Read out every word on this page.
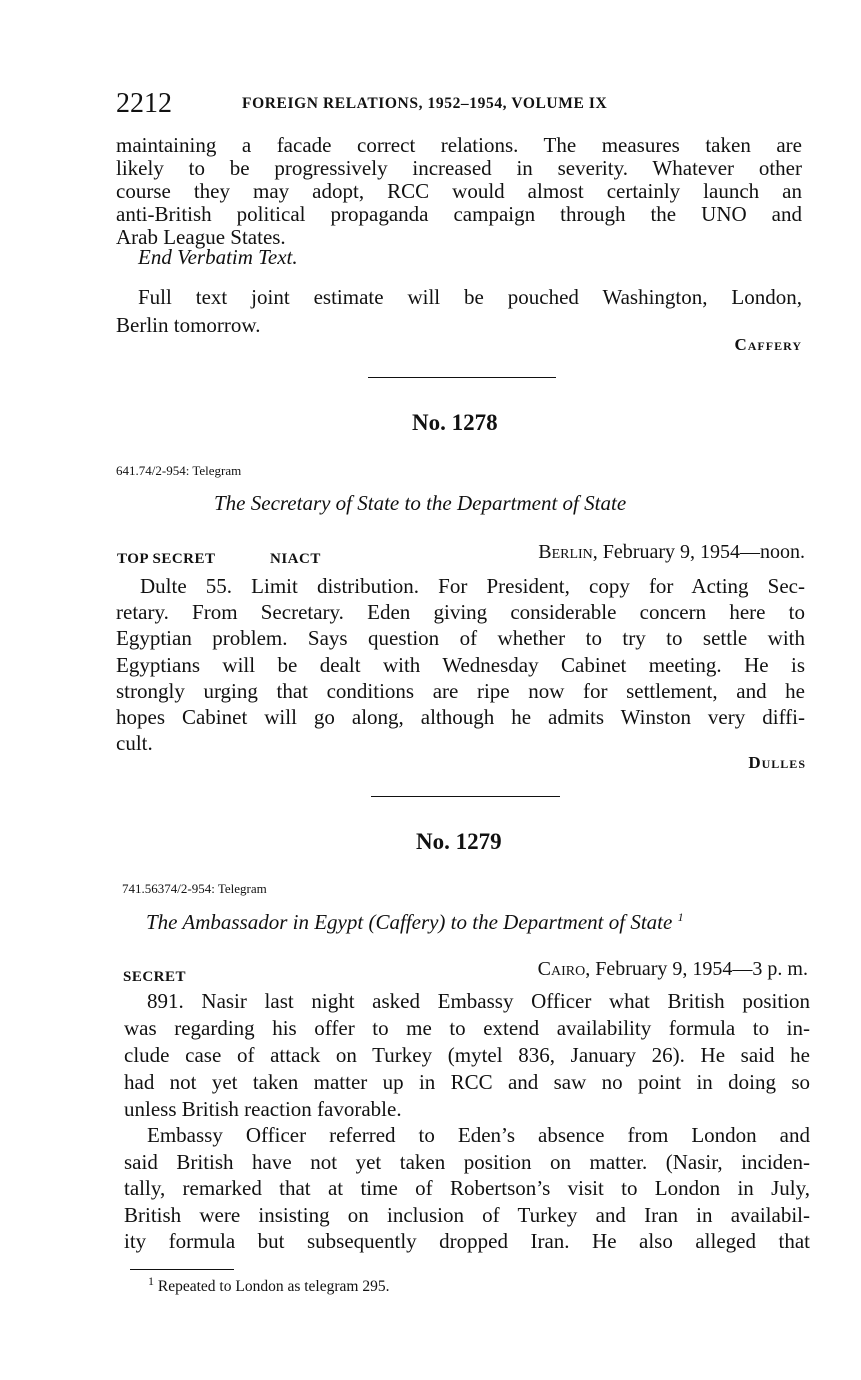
2212	FOREIGN RELATIONS, 1952–1954, VOLUME IX
maintaining a facade correct relations. The measures taken are
likely to be progressively increased in severity. Whatever other
course they may adopt, RCC would almost certainly launch an
anti-British political propaganda campaign through the UNO and
Arab League States.
End Verbatim Text.
Full text joint estimate will be pouched Washington, London,
Berlin tomorrow.
Caffery
No. 1278
641.74/2-954: Telegram
The Secretary of State to the Department of State
TOP SECRET	NIACT	Berlin, February 9, 1954—noon.
Dulte 55. Limit distribution. For President, copy for Acting Sec-
retary. From Secretary. Eden giving considerable concern here to
Egyptian problem. Says question of whether to try to settle with
Egyptians will be dealt with Wednesday Cabinet meeting. He is
strongly urging that conditions are ripe now for settlement, and he
hopes Cabinet will go along, although he admits Winston very diffi-
cult.
Dulles
No. 1279
741.56374/2-954: Telegram
The Ambassador in Egypt (Caffery) to the Department of State $^1$
SECRET	Cairo, February 9, 1954—3 p. m.
891. Nasir last night asked Embassy Officer what British position
was regarding his offer to me to extend availability formula to in-
clude case of attack on Turkey (mytel 836, January 26). He said he
had not yet taken matter up in RCC and saw no point in doing so
unless British reaction favorable.
Embassy Officer referred to Eden’s absence from London and
said British have not yet taken position on matter. (Nasir, inciden-
tally, remarked that at time of Robertson’s visit to London in July,
British were insisting on inclusion of Turkey and Iran in availabil-
ity formula but subsequently dropped Iran. He also alleged that
$^1$ Repeated to London as telegram 295.
